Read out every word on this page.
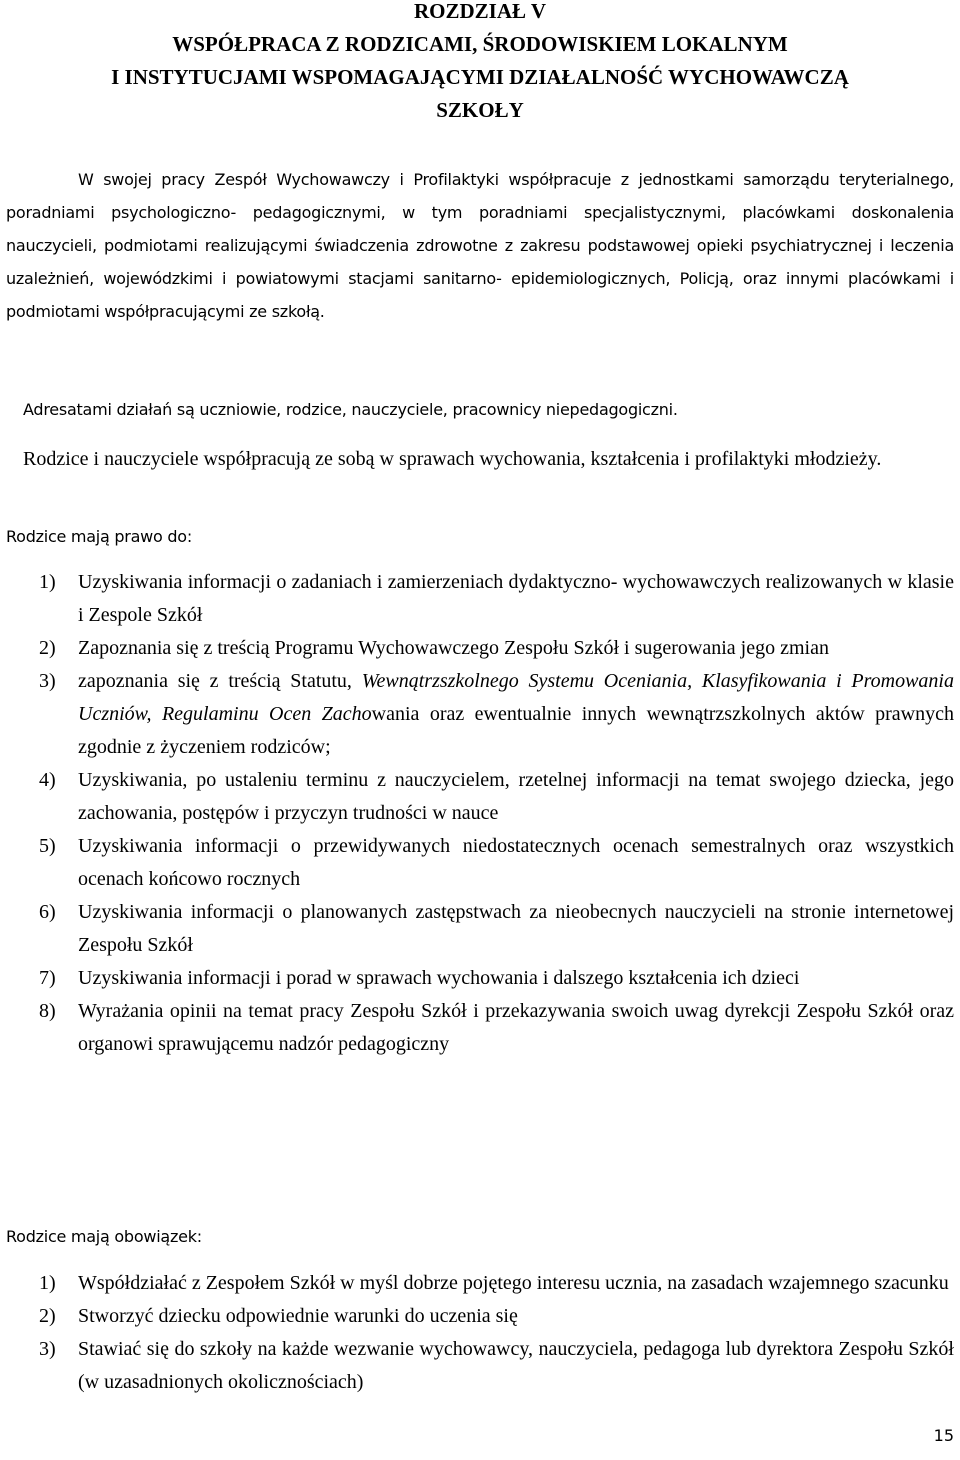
ROZDZIAŁ V
WSPÓŁPRACA Z RODZICAMI, ŚRODOWISKIEM LOKALNYM
I INSTYTUCJAMI WSPOMAGAJĄCYMI DZIAŁALNOŚĆ WYCHOWAWCZĄ
SZKOŁY

W swojej pracy Zespół Wychowawczy i Profilaktyki współpracuje z jednostkami samorządu teryterialnego, poradniami psychologiczno- pedagogicznymi, w tym poradniami specjalistycznymi, placówkami doskonalenia nauczycieli, podmiotami realizującymi świadczenia zdrowotne z zakresu podstawowej opieki psychiatrycznej i leczenia uzależnień, wojewódzkimi i powiatowymi stacjami sanitarno- epidemiologicznych, Policją, oraz innymi placówkami i podmiotami współpracującymi ze szkołą.

Adresatami działań są uczniowie, rodzice, nauczyciele, pracownicy niepedagogiczni.

Rodzice i nauczyciele współpracują ze sobą w sprawach wychowania, kształcenia i profilaktyki młodzieży.

Rodzice mają prawo do:

1) Uzyskiwania informacji o zadaniach i zamierzeniach dydaktyczno- wychowawczych realizowanych w klasie i Zespole Szkół
2) Zapoznania się z treścią Programu Wychowawczego Zespołu Szkół i sugerowania jego zmian
3) zapoznania się z treścią Statutu, Wewnątrzszkolnego Systemu Oceniania, Klasyfikowania i Promowania Uczniów, Regulaminu Ocen Zachowania oraz ewentualnie innych wewnątrzszkolnych aktów prawnych zgodnie z życzeniem rodziców;
4) Uzyskiwania, po ustaleniu terminu z nauczycielem, rzetelnej informacji na temat swojego dziecka, jego zachowania, postępów i przyczyn trudności w nauce
5) Uzyskiwania informacji o przewidywanych niedostatecznych ocenach semestralnych oraz wszystkich ocenach końcowo rocznych
6) Uzyskiwania informacji o planowanych zastępstwach za nieobecnych nauczycieli na stronie internetowej Zespołu Szkół
7) Uzyskiwania informacji i porad w sprawach wychowania i dalszego kształcenia ich dzieci
8) Wyrażania opinii na temat pracy Zespołu Szkół i przekazywania swoich uwag dyrekcji Zespołu Szkół oraz organowi sprawującemu nadzór pedagogiczny

Rodzice mają obowiązek:

1) Współdziałać z Zespołem Szkół w myśl dobrze pojętego interesu ucznia, na zasadach wzajemnego szacunku
2) Stworzyć dziecku odpowiednie warunki do uczenia się
3) Stawiać się do szkoły na każde wezwanie wychowawcy, nauczyciela, pedagoga lub dyrektora Zespołu Szkół (w uzasadnionych okolicznościach)
15
